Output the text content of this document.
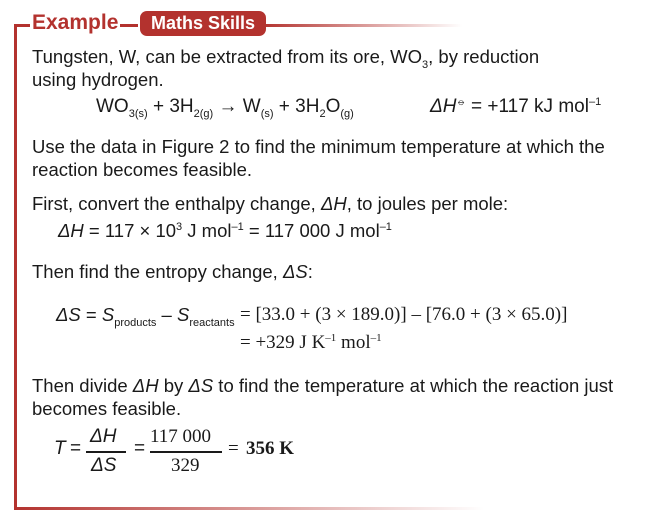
Example	Maths Skills

Tungsten, W, can be extracted from its ore, $WO_3$, by reduction

using hydrogen.

$WO_{3(s)} + 3H_{2(g)} \to W_{(s)} + 3H_2O_{(g)}$	ΔH⦵ = +117 kJ mol$^{-1}$

Use the data in Figure 2 to find the minimum temperature at which the

reaction becomes feasible.

First, convert the enthalpy change, ΔH, to joules per mole:

$\Delta H = 117 \times 10^3$ J mol$^{-1}$ = 117 000 J mol$^{-1}$

Then find the entropy change, ΔS:

$\Delta S = S_{products} - S_{reactants} = [33.0 + (3 \times 189.0)] - [76.0 + (3 \times 65.0)]$
= +329 J $K^{-1}$ mol$^{-1}$

Then divide ΔH by ΔS to find the temperature at which the reaction just

becomes feasible.

T =
ΔH
ΔS
=
117 000
329
= 356 K
